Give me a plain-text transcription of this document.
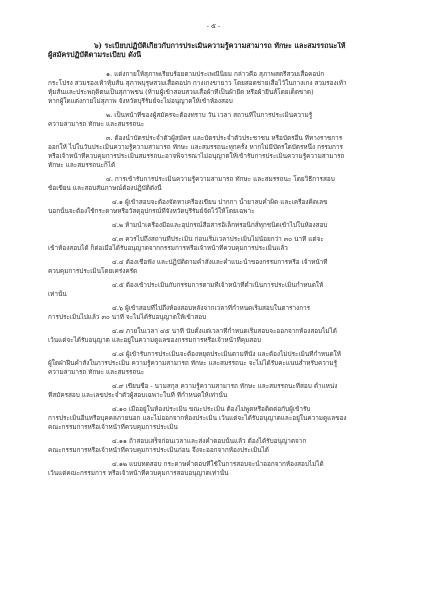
- ๕ -
๖) ระเบียบปฏิบัติเกี่ยวกับการประเมินความรู้ความสามารถ ทักษะ และสมรรถนะให้
ผู้สมัครปฏิบัติตามระเบียบ ดังนี้
๑. แต่งกายให้สุภาพเรียบร้อยตามประเพณีนิยม กล่าวคือ สุภาพสตรีสวมเสื้อคอปก
กระโปรง สวมรองเท้าหุ้มส้น สุภาพบุรุษสวมเสื้อคอปก กางเกงขายาว โดยสอดชายเสื้อไว้ในกางเกง สวมรองเท้า
หุ้มส้นและประพฤติตนเป็นสุภาพชน (ห้ามผู้เข้าสอบสวมเสื้อผ้าที่เป็นผ้ายืด หรือผ้ายีนส์โดยเด็ดขาด)
หากผู้ใดแต่งกายไม่สุภาพ จังหวัดบุรีรัมย์จะไม่อนุญาตให้เข้าห้องสอบ
๒. เป็นหน้าที่ของผู้สมัครจะต้องทราบ วัน เวลา สถานที่ในการประเมินความรู้
ความสามารถ ทักษะ และสมรรถนะ
๓. ต้องนำบัตรประจำตัวผู้สมัคร และบัตรประจำตัวประชาชน หรือบัตรอื่น ที่ทางราชการ
ออกให้ ไปในวันประเมินความรู้ความสามารถ ทักษะ และสมรรถนะทุกครั้ง หากไม่มีบัตรใดบัตรหนึ่ง กรรมการ
หรือเจ้าหน้าที่ควบคุมการประเมินสมรรถนะอาจพิจารณาไม่อนุญาตให้เข้ารับการประเมินความรู้ความสามารถ
ทักษะ และสมรรถนะก็ได้
๔. การเข้ารับการประเมินความรู้ความสามารถ ทักษะ และสมรรถนะ โดยวิธีการสอบ
ข้อเขียน และสอบสัมภาษณ์ต้องปฏิบัติดังนี้
๔.๑ ผู้เข้าสอบจะต้องจัดหาเครื่องเขียน ปากกา น้ำยาลบคำผิด และเครื่องคิดเลข
นอกนั้นจะต้องใช้กระดาษหรือวัสดุอุปกรณ์ที่จังหวัดบุรีรัมย์จัดไว้ให้โดยเฉพาะ
๔.๒ ห้ามนำเครื่องมือและอุปกรณ์สื่อสารอิเล็กทรอนิกส์ทุกชนิดเข้าไปในห้องสอบ
๔.๓ ควรไปถึงสถานที่ประเมิน ก่อนเริ่มเวลาประเมินไม่น้อยกว่า ๓๐ นาที แต่จะ
เข้าห้องสอบได้ ก็ต่อเมื่อได้รับอนุญาตจากกรรมการหรือเจ้าหน้าที่ควบคุมการประเมินแล้ว
๔.๔ ต้องเชื่อฟัง และปฏิบัติตามคำสั่งและคำแนะนำของกรรมการหรือ เจ้าหน้าที่
ควบคุมการประเมินโดยเคร่งครัด
๔.๕ ต้องเข้าประเมินกับกรรมการตามที่เจ้าหน้าที่ดำเนินการประเมินกำหนดให้
เท่านั้น
๔.๖ ผู้เข้าสอบที่ไปถึงห้องสอบหลังจากเวลาที่กำหนดเริ่มสอบในตารางการ
การประเมินไปแล้ว ๓๐ นาที จะไม่ได้รับอนุญาตให้เข้าสอบ
๔.๗ ภายในเวลา ๔๕ นาที นับตั้งแต่เวลาที่กำหนดเริ่มสอบจะออกจากห้องสอบไม่ได้
เว้นแต่จะได้รับอนุญาต และอยู่ในความดูแลของกรรมการหรือเจ้าหน้าที่คุมสอบ
๔.๘ ผู้เข้ารับการประเมินจะต้องหยุดประเมินตามที่นั่ง และต้องไม่ประเมินที่กำหนดให้
ผู้ใดฝ่าฝืนคำสั่งในการประเมิน ความรู้ความสามารถ ทักษะ และสมรรถนะ จะไม่ได้รับคะแนนสำหรับความรู้
ความสามารถ ทักษะ และสมรรถนะ
๔.๙ เขียนชื่อ - นามสกุล ความรู้ความสามารถ ทักษะ และสมรรถนะที่สอบ ตำแหน่ง
ที่สมัครสอบ และเลขประจำตัวผู้สอบเฉพาะในที่ ที่กำหนดให้เท่านั้น
๔.๑๐ เมื่ออยู่ในห้องประเมิน ขณะประเมิน ต้องไม่พูดหรือติดต่อกับผู้เข้ารับ
การประเมินอื่นหรือบุคคลภายนอก และไม่ออกจากห้องประเมิน เว้นแต่จะได้รับอนุญาตและอยู่ในความดูแลของ
คณะกรรมการหรือเจ้าหน้าที่ควบคุมการประเมิน
๔.๑๑ ถ้าสอบเสร็จก่อนเวลาและส่งคำตอบนั้นแล้ว ต้องได้รับอนุญาตจาก
คณะกรรมการหรือเจ้าหน้าที่ควบคุมการประเมินก่อน จึงจะออกจากห้องประเมินได้
๔.๑๒ แบบทดสอบ กระดาษคำตอบที่ใช้ในการสอบจะนำออกจากห้องสอบไม่ได้
เว้นแต่คณะกรรมการ หรือเจ้าหน้าที่ควบคุมการสอบอนุญาตเท่านั้น
